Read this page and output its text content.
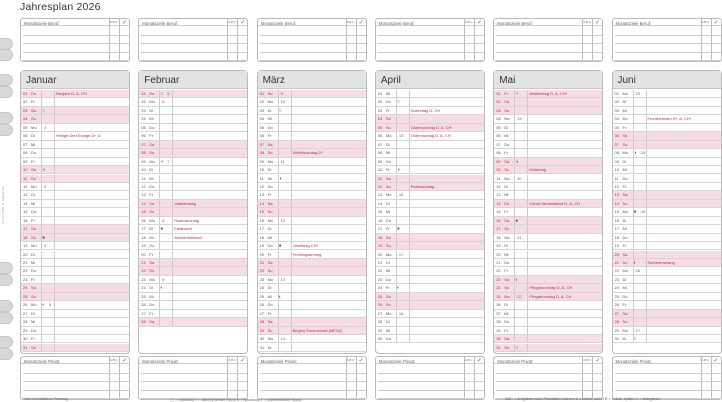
Jahresplan 2026
Art.-Nr. 5525 © Zweckform
Monatsziele Beruf:	A B C ✓	Monatsziele Beruf:	A B C ✓	Monatsziele Beruf:	A B C ✓	Monatsziele Beruf:	A B C ✓	Monatsziele Beruf:	A B C ✓	Monatsziele Beruf:	A B C ✓
Januar
01 Do	Neujahr D, A, CH
02 Fr
03 Sa	○
04 So
05 Mo	2
06 Di	Heilige Drei Könige D*, A
07 Mi
08 Do
09 Fr
10 Sa	◑
11 So
12 Mo	3
13 Di
14 Mi
15 Do
16 Fr
17 Sa
18 So	●
19 Mo	4
20 Di
21 Mi
22 Do
23 Fr
24 Sa
25 So
26 Mo	◐ 5
27 Di
28 Mi
29 Do
30 Fr
31 Sa
Februar
01 So	○ 5
02 Mo	6
03 Di
04 Mi
05 Do
06 Fr
07 Sa
08 So
09 Mo	◑ 7
10 Di
11 Mi
12 Do
13 Fr
14 Sa	Valentinstag
15 So
16 Mo	8	Rosenmontag
17 Di	●	Fastnacht
18 Mi	Aschermittwoch
19 Do
20 Fr
21 Sa
22 So
23 Mo	9
24 Di	◐
25 Mi
26 Do
27 Fr
28 Sa
März
01 So	9
02 Mo	10
03 Di	○
04 Mi
05 Do
06 Fr
07 Sa
08 So	Weltfrauentag D*
09 Mo	11
10 Di
11 Mi	◑
12 Do
13 Fr
14 Sa
15 So
16 Mo	12
17 Di
18 Mi
19 Do	●	Josefstag CH*
20 Fr	Frühlingsanfang
21 Sa
22 So
23 Mo	13
24 Di
25 Mi	◐
26 Do
27 Fr
28 Sa
29 So	Beginn Sommerzeit (MESZ)
30 Mo	14
31 Di
April
01 Mi
02 Do	○
03 Fr	Karfreitag D, CH
04 Sa
05 So	Ostersonntag D, A, CH
06 Mo	15	Ostermontag D, A, CH
07 Di
08 Mi
09 Do
10 Fr	◑
11 Sa
12 So	Palmsonntag
13 Mo	16
14 Di
15 Mi
16 Do
17 Fr	●
18 Sa
19 So
20 Mo	17
21 Di
22 Mi
23 Do
24 Fr	◐
25 Sa
26 So
27 Mo	18
28 Di
29 Mi
30 Do
Mai
01 Fr	○	Maifeiertag D, A, CH*
02 Sa
03 So
04 Mo	19
05 Di
06 Mi
07 Do
08 Fr
09 Sa	◑
10 So	Muttertag
11 Mo	20
12 Di
13 Mi
14 Do	Christi Himmelfahrt D, A, CH
15 Fr
16 Sa	●
17 So
18 Mo	21
19 Di
20 Mi
21 Do
22 Fr
23 Sa	◐
24 So	Pfingstsonntag D, A, CH
25 Mo	22	Pfingstmontag D, A, CH
26 Di
27 Mi
28 Do
29 Fr
30 Sa
31 So	○
Juni
01 Mo	23
02 Di
03 Mi
04 Do	Fronleichnam D*, A, CH*
05 Fr
06 Sa
07 So
08 Mo	◑ 24
09 Di
10 Mi
11 Do
12 Fr
13 Sa
14 So
15 Mo	● 25
16 Di
17 Mi
18 Do
19 Fr
20 Sa
21 So	◐	Sommeranfang
22 Mo	26
23 Di
24 Mi
25 Do
26 Fr
27 Sa
28 So
29 Mo	27
30 Di	○
Monatsziele Privat:	A B C ✓	Monatsziele Privat:	A B C ✓	Monatsziele Privat:	A B C ✓	Monatsziele Privat:	A B C ✓	Monatsziele Privat:	A B C ✓	Monatsziele Privat:	A B C ✓
* kein einheitlicher Feiertag	◯ = Vollmond ◑ = abnehmender Mond ● = Neumond ◐ = zunehmender Mond	ABC = Aufgaben nach Prioritäten ordnen: A = selbst, sofort B = selbst, später C = delegieren
